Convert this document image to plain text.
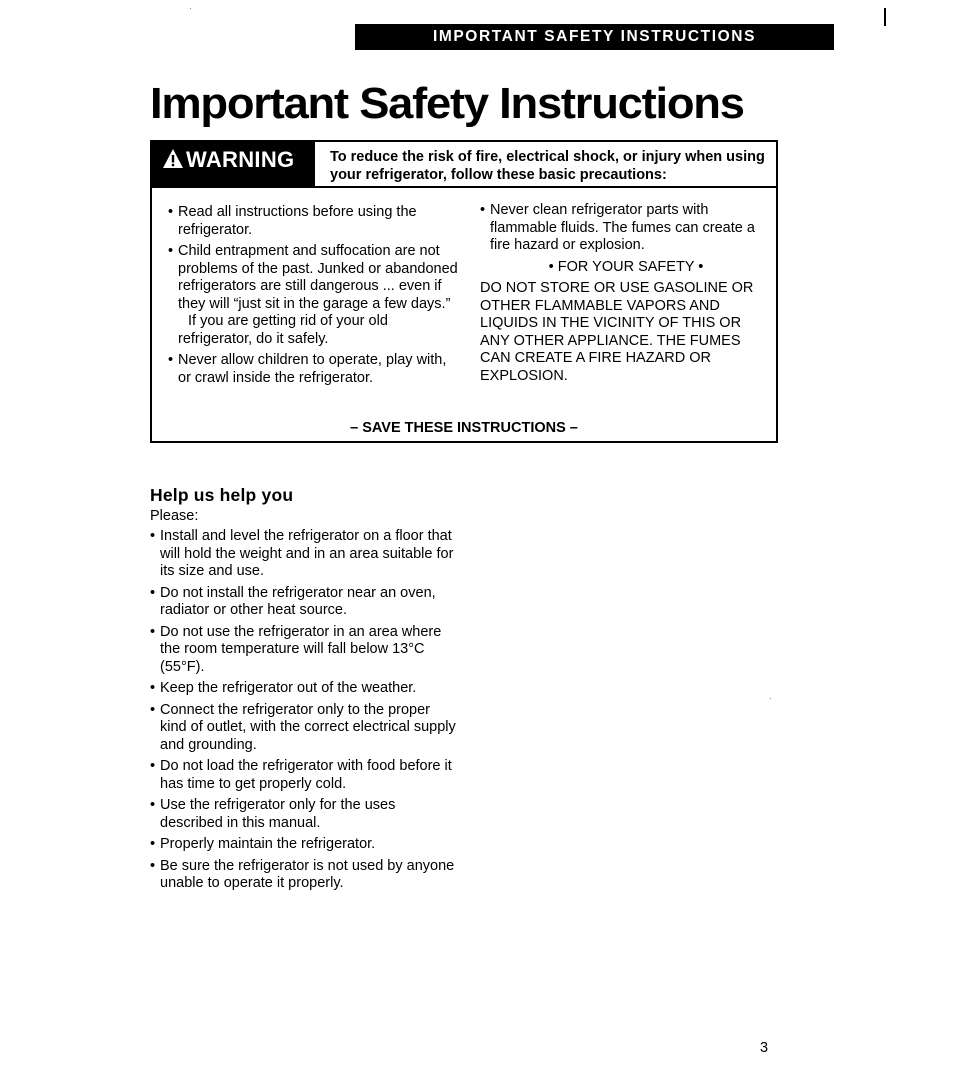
IMPORTANT SAFETY INSTRUCTIONS
Important Safety Instructions
WARNING To reduce the risk of fire, electrical shock, or injury when using your refrigerator, follow these basic precautions:
• Read all instructions before using the refrigerator.
• Child entrapment and suffocation are not problems of the past. Junked or abandoned refrigerators are still dangerous ... even if they will “just sit in the garage a few days.”

If you are getting rid of your old refrigerator, do it safely.

• Never allow children to operate, play with, or crawl inside the refrigerator.
• Never clean refrigerator parts with flammable fluids. The fumes can create a fire hazard or explosion.
• FOR YOUR SAFETY •

DO NOT STORE OR USE GASOLINE OR OTHER FLAMMABLE VAPORS AND LIQUIDS IN THE VICINITY OF THIS OR ANY OTHER APPLIANCE. THE FUMES CAN CREATE A FIRE HAZARD OR EXPLOSION.

– SAVE THESE INSTRUCTIONS –
Help us help you

Please:

• Install and level the refrigerator on a floor that will hold the weight and in an area suitable for its size and use.
• Do not install the refrigerator near an oven, radiator or other heat source.
• Do not use the refrigerator in an area where the room temperature will fall below 13°C (55°F).
• Keep the refrigerator out of the weather.
• Connect the refrigerator only to the proper kind of outlet, with the correct electrical supply and grounding.
• Do not load the refrigerator with food before it has time to get properly cold.
• Use the refrigerator only for the uses described in this manual.
• Properly maintain the refrigerator.
• Be sure the refrigerator is not used by anyone unable to operate it properly.
3
